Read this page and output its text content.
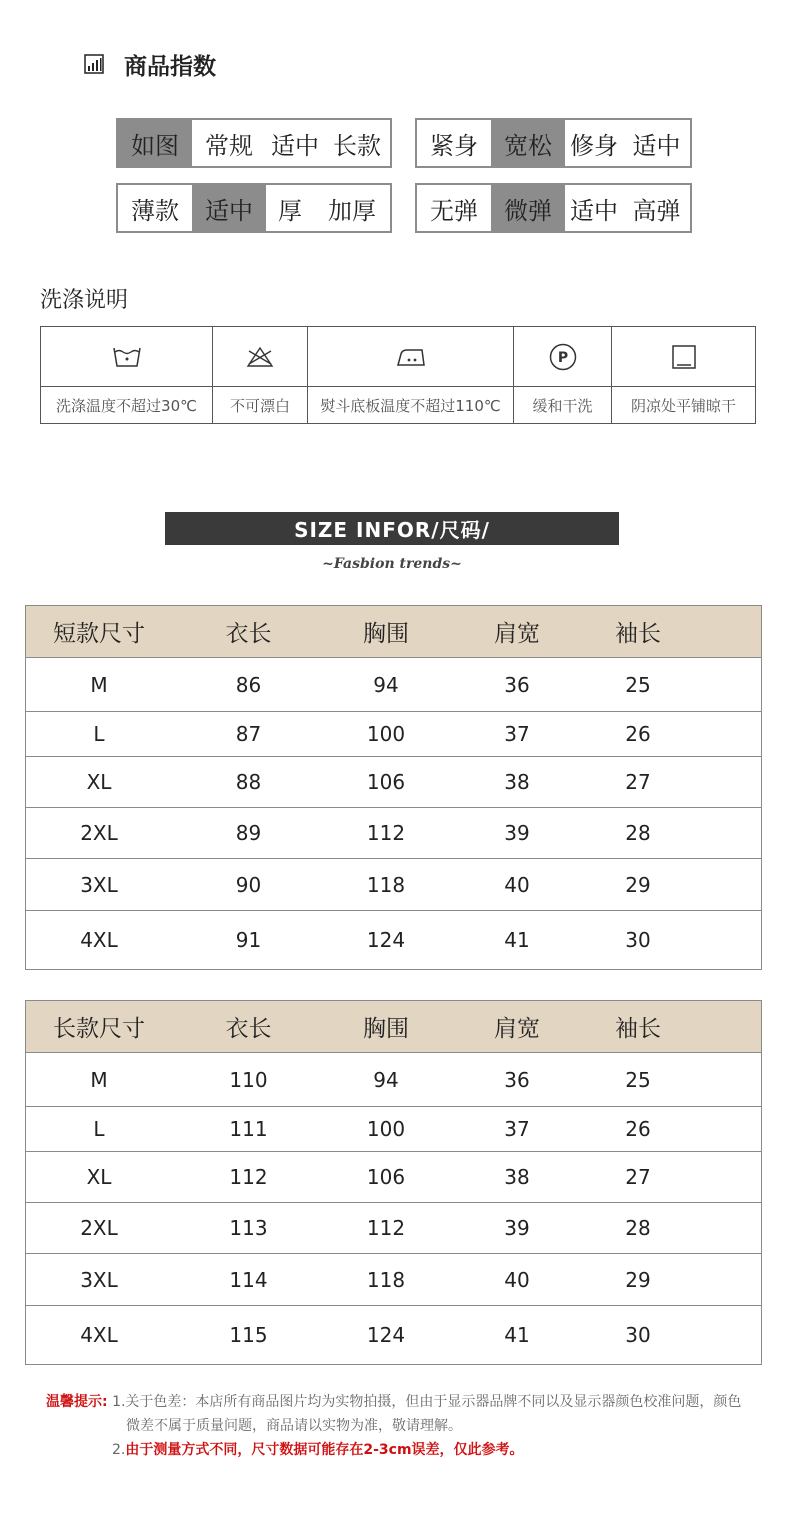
商品指数
如图	常规 适中 长款	紧身	宽松 修身 适中
薄款	适中	厚	加厚	无弹	微弹 适中 高弹
洗涤说明
洗涤温度不超过30℃	不可漂白	熨斗底板温度不超过110℃
P
缓和干洗	阴凉处平铺晾干
SIZE INFOR/尺码/
~Fasbion trends~
短款尺寸	衣长	胸围	肩宽	袖长
M	86	94	36	25
L	87	100	37	26
XL	88	106	38	27
2XL	89	112	39	28
3XL	90	118	40	29
4XL	91	124	41	30
长款尺寸	衣长	胸围	肩宽	袖长
M	110	94	36	25
L	111	100	37	26
XL	112	106	38	27
2XL	113	112	39	28
3XL	114	118	40	29
4XL	115	124	41	30
温馨提示: 1.关于色差：本店所有商品图片均为实物拍摄，但由于显示器品牌不同以及显示器颜色校准问题，颜色
微差不属于质量问题，商品请以实物为准，敬请理解。
2.由于测量方式不同，尺寸数据可能存在2-3cm误差，仅此参考。
